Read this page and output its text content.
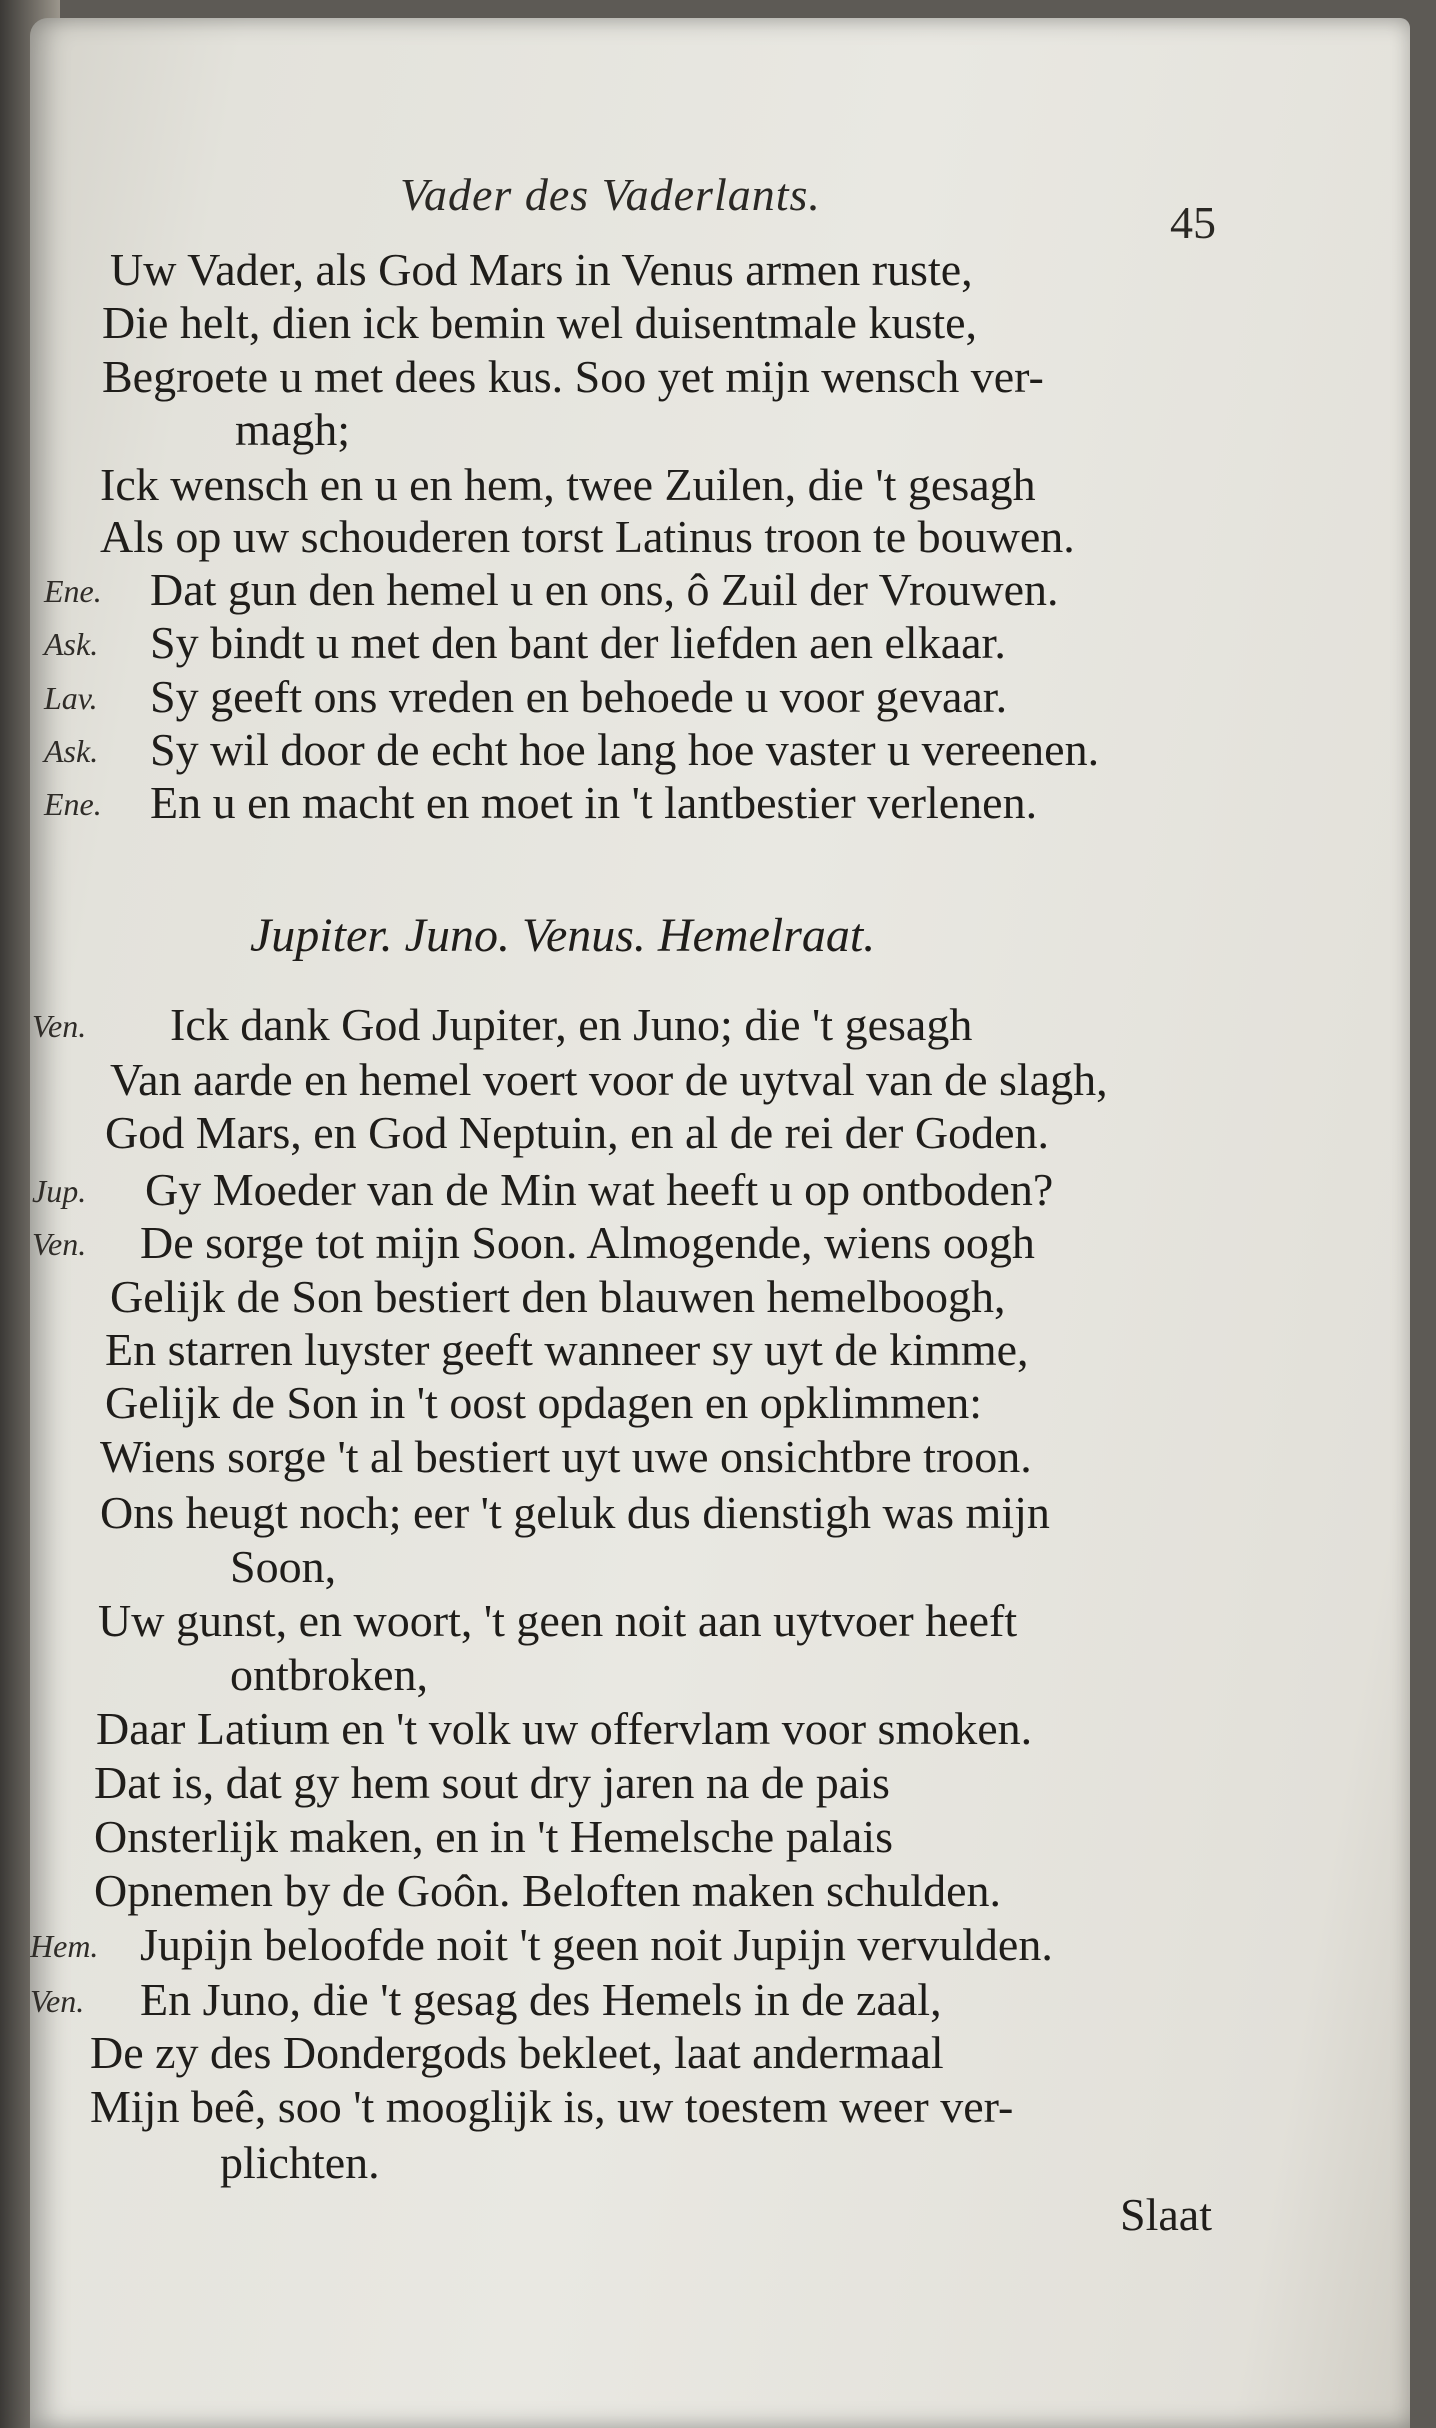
Vader des Vaderlants.
45
Uw Vader, als God Mars in Venus armen ruste,
Die helt, dien ick bemin wel duisentmale kuste,
Begroete u met dees kus. Soo yet mijn wensch ver-
magh;
Ick wensch en u en hem, twee Zuilen, die 't gesagh
Als op uw schouderen torst Latinus troon te bouwen.
Ene. Dat gun den hemel u en ons, ô Zuil der Vrouwen.
Ask. Sy bindt u met den bant der liefden aen elkaar.
Lav. Sy geeft ons vreden en behoede u voor gevaar.
Ask. Sy wil door de echt hoe lang hoe vaster u vereenen.
Ene. En u en macht en moet in 't lantbestier verlenen.
Jupiter. Juno. Venus. Hemelraat.
Ven. Ick dank God Jupiter, en Juno; die 't gesagh
Van aarde en hemel voert voor de uytval van de slagh,
God Mars, en God Neptuin, en al de rei der Goden.
Jup. Gy Moeder van de Min wat heeft u op ontboden?
Ven. De sorge tot mijn Soon. Almogende, wiens oogh
Gelijk de Son bestiert den blauwen hemelboogh,
En starren luyster geeft wanneer sy uyt de kimme,
Gelijk de Son in 't oost opdagen en opklimmen:
Wiens sorge 't al bestiert uyt uwe onsichtbre troon.
Ons heugt noch; eer 't geluk dus dienstigh was mijn
Soon,
Uw gunst, en woort, 't geen noit aan uytvoer heeft
ontbroken,
Daar Latium en 't volk uw offervlam voor smoken.
Dat is, dat gy hem sout dry jaren na de pais
Onsterlijk maken, en in 't Hemelsche palais
Opnemen by de Goôn. Beloften maken schulden.
Hem. Jupijn beloofde noit 't geen noit Jupijn vervulden.
Ven. En Juno, die 't gesag des Hemels in de zaal,
De zy des Dondergods bekleet, laat andermaal
Mijn beê, soo 't mooglijk is, uw toestem weer ver-
plichten.
Slaat
